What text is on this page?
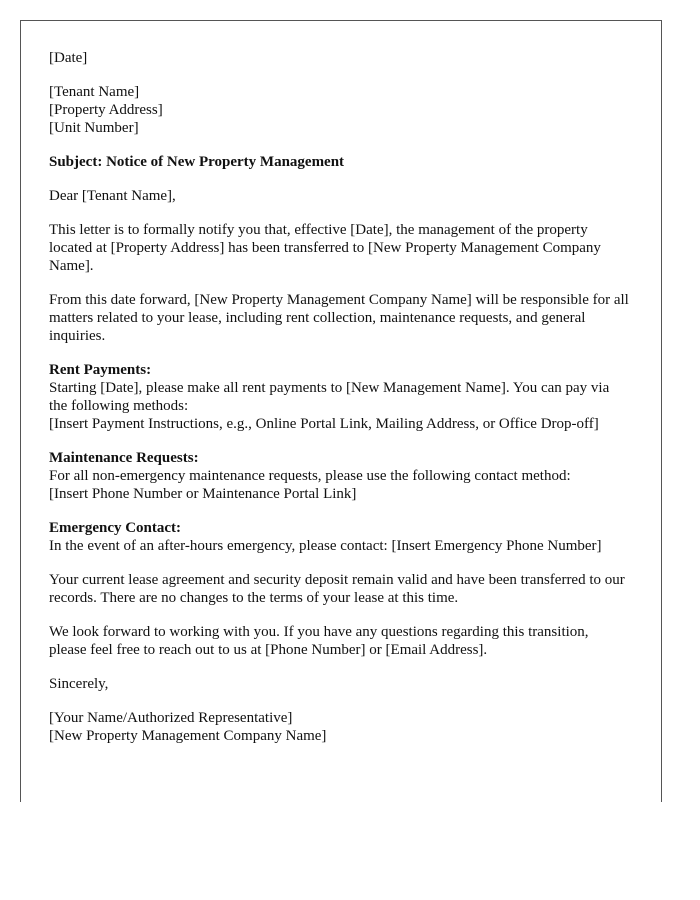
[Date]

[Tenant Name]
[Property Address]
[Unit Number]

Subject: Notice of New Property Management

Dear [Tenant Name],

This letter is to formally notify you that, effective [Date], the management of the property located at [Property Address] has been transferred to [New Property Management Company Name].

From this date forward, [New Property Management Company Name] will be responsible for all matters related to your lease, including rent collection, maintenance requests, and general inquiries.

Rent Payments:
Starting [Date], please make all rent payments to [New Management Name]. You can pay via the following methods:
[Insert Payment Instructions, e.g., Online Portal Link, Mailing Address, or Office Drop-off]

Maintenance Requests:
For all non-emergency maintenance requests, please use the following contact method:
[Insert Phone Number or Maintenance Portal Link]

Emergency Contact:
In the event of an after-hours emergency, please contact: [Insert Emergency Phone Number]

Your current lease agreement and security deposit remain valid and have been transferred to our records. There are no changes to the terms of your lease at this time.

We look forward to working with you. If you have any questions regarding this transition, please feel free to reach out to us at [Phone Number] or [Email Address].

Sincerely,

[Your Name/Authorized Representative]
[New Property Management Company Name]
